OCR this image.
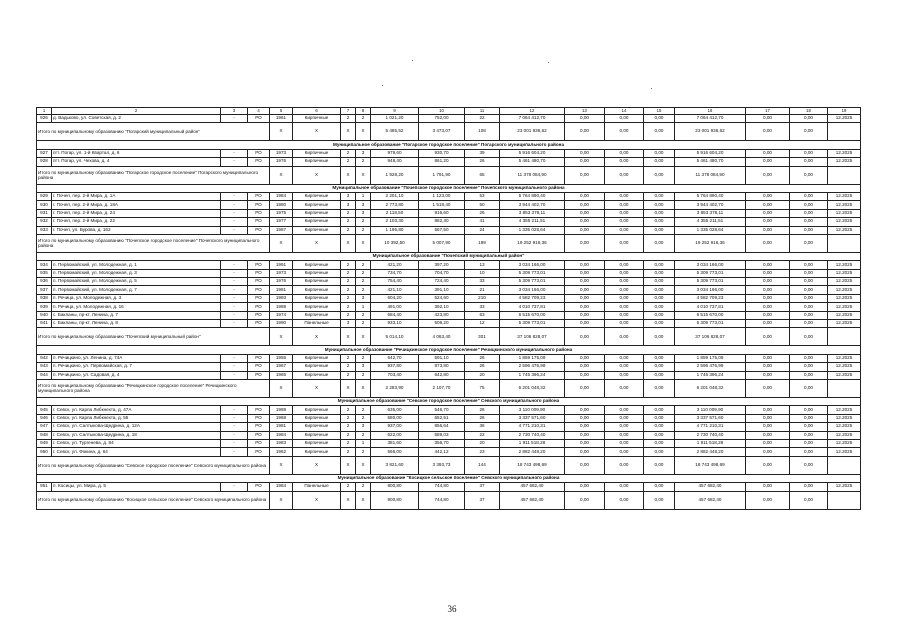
1	2	3	4	5	6	7	8	9	10	11	12	13	14	15	16	17	18	19
926	д. Вадьково, ул. Советская, д. 2	-	РО	1961	Кирпичные	2	2	1 021,20	752,00	22	7 064 412,70	0,00	0,00	0,00	7 064 412,70	0,00	0,00	12.2025
Итого по муниципальному образованию "Погарский муниципальный район"				X	X	X	X	5 485,52	3 473,07	108	23 001 936,62	0,00	0,00	0,00	23 001 936,62	0,00	0,00	
Муниципальное образование "Погарское городское поселение" Погарского муниципального района																		
927	пгт. Погар, ул. 1-й Квартал, д. 6	-	РО	1973	Кирпичные	2	3	979,60	930,70	39	5 916 604,20	0,00	0,00	0,00	5 916 604,20	0,00	0,00	12.2025
928	пгт. Погар, ул. Чехова, д. 4	-	РО	1976	Кирпичные	2	2	948,40	861,20	26	5 461 480,70	0,00	0,00	0,00	5 461 480,70	0,00	0,00	12.2025
Итого по муниципальному образованию "Погарское городское поселение" Погарского муниципального района				X	X	X	X	1 928,20	1 791,90	65	11 378 084,90	0,00	0,00	0,00	11 378 084,90	0,00	0,00	
Муниципальное образование "Почепское городское поселение" Почепского муниципального района																		
929	г. Почеп, пер. 2-й Мира, д. 1А	-	РО	1984	Кирпичные	3	1	2 201,10	1 123,00	53	5 764 890,40	0,00	0,00	0,00	5 764 890,40	0,00	0,00	12.2025
930	г. Почеп, пер. 2-й Мира, д. 18А	-	РО	1980	Кирпичные	3	3	2 773,80	1 518,40	50	3 944 402,70	0,00	0,00	0,00	3 944 402,70	0,00	0,00	12.2025
931	г. Почеп, пер. 2-й Мира, д. 24	-	РО	1975	Кирпичные	2	3	2 118,50	916,60	26	3 853 378,11	0,00	0,00	0,00	3 853 378,11	0,00	0,00	12.2025
932	г. Почеп, пер. 2-й Мира, д. 22	-	РО	1977	Кирпичные	2	2	2 103,30	882,40	41	4 355 211,51	0,00	0,00	0,00	4 355 211,51	0,00	0,00	12.2025
933	г. Почеп, ул. Бурова, д. 162	-	РО	1987	Кирпичные	2	2	1 195,80	567,50	24	1 335 028,64	0,00	0,00	0,00	1 335 028,64	0,00	0,00	12.2025
Итого по муниципальному образованию "Почепское городское поселение" Почепского муниципального района				X	X	X	X	10 392,50	5 007,90	199	19 252 916,36	0,00	0,00	0,00	19 252 916,36	0,00	0,00	
Муниципальное образование "Почепский муниципальный район"																		
934	п. Первомайский, ул. Молодежная, д. 1	-	РО	1991	Кирпичные	2	2	421,20	397,20	13	3 034 166,00	0,00	0,00	0,00	3 034 166,00	0,00	0,00	12.2025
935	п. Первомайский, ул. Молодежная, д. 3	-	РО	1973	Кирпичные	2	2	734,70	704,70	10	5 309 773,01	0,00	0,00	0,00	5 309 773,01	0,00	0,00	12.2025
936	п. Первомайский, ул. Молодежная, д. 5	-	РО	1976	Кирпичные	2	2	754,40	724,40	33	5 309 773,01	0,00	0,00	0,00	5 309 773,01	0,00	0,00	12.2025
937	п. Первомайский, ул. Молодежная, д. 7	-	РО	1981	Кирпичные	2	2	421,10	391,10	21	3 034 166,00	0,00	0,00	0,00	3 034 166,00	0,00	0,00	12.2025
938	п. Речица, ул. Молодежная, д. 3	-	РО	1993	Кирпичные	2	3	604,20	524,60	210	4 582 709,23	0,00	0,00	0,00	4 582 709,23	0,00	0,00	12.2025
939	п. Речица, ул. Молодежная, д. 16	-	РО	1988	Кирпичные	2	1	491,00	392,10	33	4 010 737,81	0,00	0,00	0,00	4 010 737,81	0,00	0,00	12.2025
940	с. Бакланы, пр-кт. Ленина, д. 7	-	РО	1974	Кирпичные	2	2	684,40	423,80	63	6 515 670,00	0,00	0,00	0,00	6 515 670,00	0,00	0,00	12.2025
941	с. Бакланы, пр-кт. Ленина, д. 8	-	РО	1990	Панельные	3	2	933,10	506,20	12	5 309 773,01	0,00	0,00	0,00	5 309 773,01	0,00	0,00	12.2025
Итого по муниципальному образованию "Почепский муниципальный район"				X	X	X	X	5 014,10	4 063,40	301	37 106 828,07	0,00	0,00	0,00	37 106 828,07	0,00	0,00	
Муниципальное образование "Речицкинское городское поселение" Речицкинского муниципального района																		
942	п. Речицкино, ул. Ленина, д. 74А	-	РО	1955	Кирпичные	2	2	642,70	591,10	26	1 859 175,09	0,00	0,00	0,00	1 859 175,09	0,00	0,00	12.2025
943	п. Речицкино, ул. Первомайская, д. 7	-	РО	1967	Кирпичные	2	3	937,80	873,80	26	2 596 476,99	0,00	0,00	0,00	2 596 476,99	0,00	0,00	12.2025
944	п. Речицкино, ул. Садовая, д. 4	-	РО	1965	Кирпичные	2	2	703,40	642,80	20	1 745 396,24	0,00	0,00	0,00	1 745 396,24	0,00	0,00	12.2025
Итого по муниципальному образованию "Речицкинское городское поселение" Речицкинского муниципального района				X	X	X	X	2 283,90	2 107,70	75	6 201 048,32	0,00	0,00	0,00	6 201 048,32	0,00	0,00	
Муниципальное образование "Севское городское поселение" Севского муниципального района																		
945	г. Севск, ул. Карла Либкнехта, д. 47А	-	РО	1989	Кирпичные	2	2	635,00	546,70	26	3 110 009,90	0,00	0,00	0,00	3 110 009,90	0,00	0,00	12.2025
946	г. Севск, ул. Карла Либкнехта, д. 55	-	РО	1968	Кирпичные	2	2	680,00	652,51	26	3 337 571,60	0,00	0,00	0,00	3 337 571,60	0,00	0,00	12.2025
947	г. Севск, ул. Салтыкова-Щедрина, д. 12А	-	РО	1981	Кирпичные	2	3	937,00	856,64	36	4 771 210,31	0,00	0,00	0,00	4 771 210,31	0,00	0,00	12.2025
948	г. Севск, ул. Салтыкова-Щедрина, д. 18	-	РО	1984	Кирпичные	2	2	622,00	589,03	22	2 730 740,40	0,00	0,00	0,00	2 730 740,40	0,00	0,00	12.2025
949	г. Севск, ул. Тургенева, д. 84	-	РО	1983	Кирпичные	2	1	381,60	356,70	20	1 911 518,28	0,00	0,00	0,00	1 911 518,28	0,00	0,00	12.2025
950	г. Севск, ул. Фокина, д. 64	-	РО	1962	Кирпичные	2	2	566,00	442,12	23	2 882 448,20	0,00	0,00	0,00	2 882 448,20	0,00	0,00	12.2025
Итого по муниципальному образованию "Севское городское поселение" Севского муниципального района				X	X	X	X	3 821,60	3 393,73	144	18 743 498,69	0,00	0,00	0,00	18 743 498,69	0,00	0,00	
Муниципальное образование "Косицкое сельское поселение" Севского муниципального района																		
951	п. Косицы, ул. Мира, д. 5	-	РО	1984	Панельные	2	2	800,80	744,80	37	457 682,40	0,00	0,00	0,00	457 682,40	0,00	0,00	12.2025
Итого по муниципальному образованию "Косицкое сельское поселение" Севского муниципального района				X	X	X	X	800,80	744,80	37	457 682,40	0,00	0,00	0,00	457 682,40	0,00	0,00	
36
